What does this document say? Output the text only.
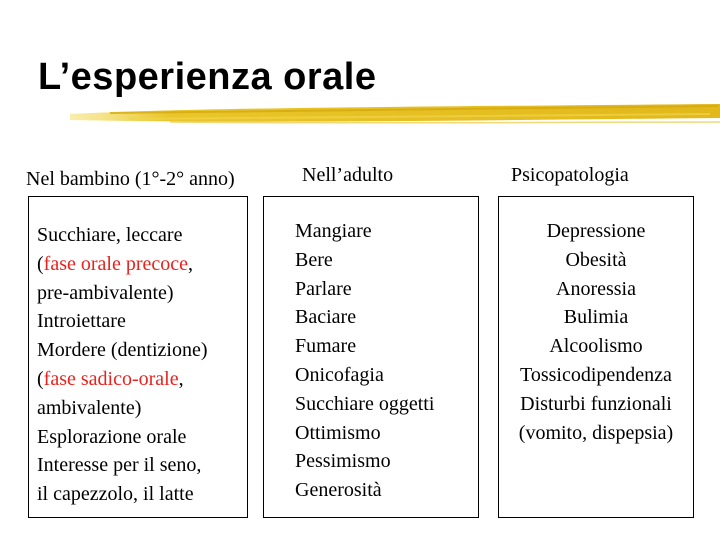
L’esperienza orale
Nel bambino (1°-2° anno)	Nell’adulto	Psicopatologia
Succhiare, leccare
(fase orale precoce,
pre-ambivalente)
Introiettare
Mordere (dentizione)
(fase sadico-orale,
ambivalente)
Esplorazione orale
Interesse per il seno,
il capezzolo, il latte
Mangiare
Bere
Parlare
Baciare
Fumare
Onicofagia
Succhiare oggetti
Ottimismo
Pessimismo
Generosità
Depressione
Obesità
Anoressia
Bulimia
Alcoolismo
Tossicodipendenza
Disturbi funzionali
(vomito, dispepsia)
